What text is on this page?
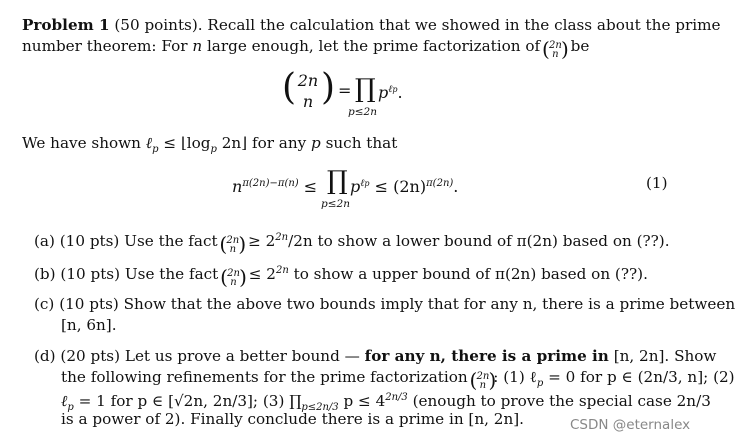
Problem 1 (50 points). Recall the calculation that we showed in the class about the prime
number theorem: For n large enough, let the prime factorization of ( 2n
n
) be
( 2n
n ) = ∏ $p^{\ell p}$.
p≤2n
We have shown ℓ$_p$ ≤ $⌊\log_p$ 2n⌋ for any p such that
$n^{\pi(2n)-\pi(n)}$ ≤ ∏ $p^{\ell p} \le (2n)^{\pi(2n)}$.
p≤2n
(1)
(a) (10 pts) Use the fact ( 2n
n
) ≥ $2^{2n}/2n$ to show a lower bound of π(2n) based on (??).
(b) (10 pts) Use the fact ( 2n
n
) ≤ $2^{2n}$ to show a upper bound of π(2n) based on (??).
(c) (10 pts) Show that the above two bounds imply that for any n, there is a prime between
[n, 6n].
(d) (20 pts) Let us prove a better bound — for any n, there is a prime in [n, 2n]. Show
the following refinements for the prime factorization ( 2n
n
) : (1) ℓ$_p$ = 0 for p ∈ (2n/3, n]; (2)
ℓ$_p$ = 1 for p ∈ [√2n, 2n/3]; (3) $\prod_{p\le 2n/3}$ $p \le 4^{2n/3}$ (enough to prove the special case 2n/3
is a power of 2). Finally conclude there is a prime in [n, 2n].	CSDN @eternalex
